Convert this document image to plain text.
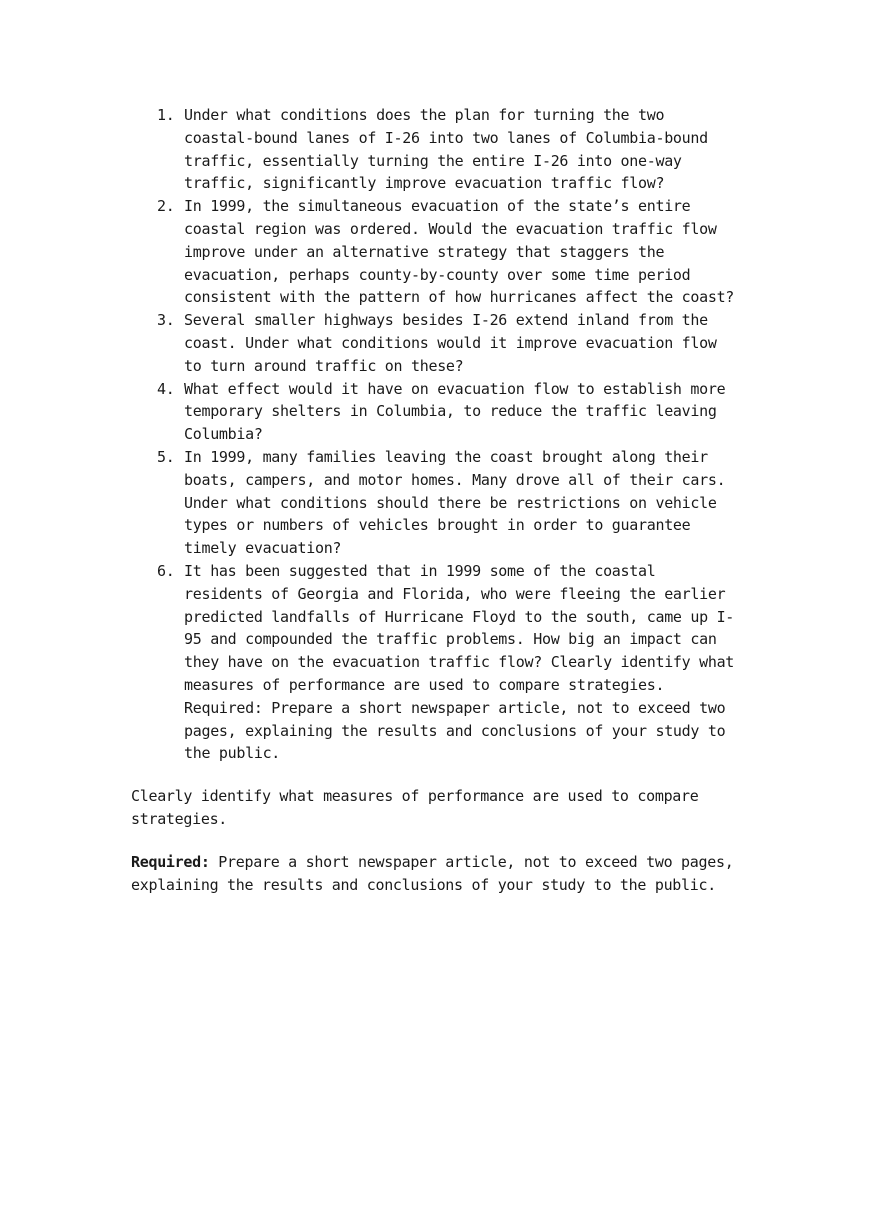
1. Under what conditions does the plan for turning the two coastal-bound lanes of I-26 into two lanes of Columbia-bound traffic, essentially turning the entire I-26 into one-way traffic, significantly improve evacuation traffic flow?
2. In 1999, the simultaneous evacuation of the state’s entire coastal region was ordered. Would the evacuation traffic flow improve under an alternative strategy that staggers the evacuation, perhaps county-by-county over some time period consistent with the pattern of how hurricanes affect the coast?
3. Several smaller highways besides I-26 extend inland from the coast. Under what conditions would it improve evacuation flow to turn around traffic on these?
4. What effect would it have on evacuation flow to establish more temporary shelters in Columbia, to reduce the traffic leaving Columbia?
5. In 1999, many families leaving the coast brought along their boats, campers, and motor homes. Many drove all of their cars. Under what conditions should there be restrictions on vehicle types or numbers of vehicles brought in order to guarantee timely evacuation?
6. It has been suggested that in 1999 some of the coastal residents of Georgia and Florida, who were fleeing the earlier predicted landfalls of Hurricane Floyd to the south, came up I-95 and compounded the traffic problems. How big an impact can they have on the evacuation traffic flow? Clearly identify what measures of performance are used to compare strategies. Required: Prepare a short newspaper article, not to exceed two pages, explaining the results and conclusions of your study to the public.

Clearly identify what measures of performance are used to compare strategies.

Required: Prepare a short newspaper article, not to exceed two pages, explaining the results and conclusions of your study to the public.
